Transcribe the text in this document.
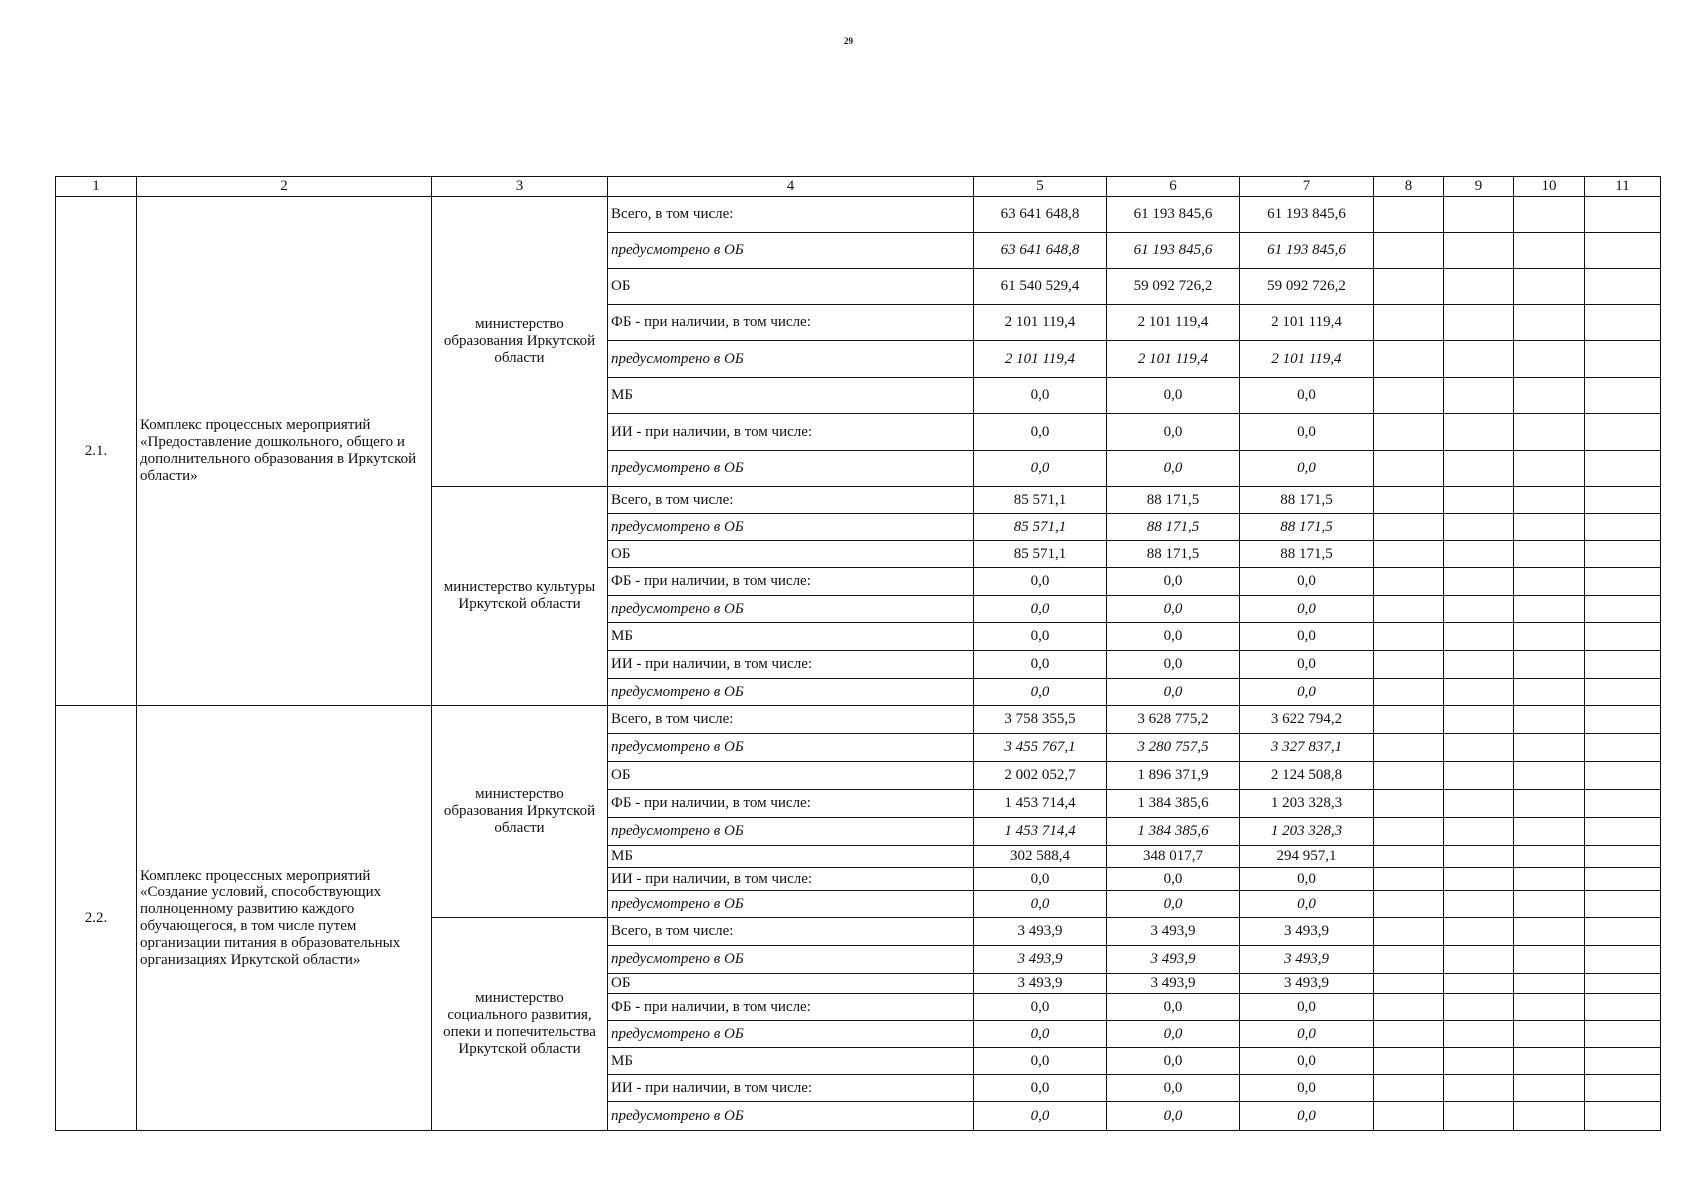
29
1	2	3	4	5	6	7	8	9	10	11
2.1.	Комплекс процессных мероприятий «Предоставление дошкольного, общего и дополнительного образования в Иркутской области»	министерство образования Иркутской области	Всего, в том числе:	63 641 648,8	61 193 845,6	61 193 845,6				
			предусмотрено в ОБ	63 641 648,8	61 193 845,6	61 193 845,6				
			ОБ	61 540 529,4	59 092 726,2	59 092 726,2				
			ФБ - при наличии, в том числе:	2 101 119,4	2 101 119,4	2 101 119,4				
			предусмотрено в ОБ	2 101 119,4	2 101 119,4	2 101 119,4				
			МБ	0,0	0,0	0,0				
			ИИ - при наличии, в том числе:	0,0	0,0	0,0				
			предусмотрено в ОБ	0,0	0,0	0,0				
		министерство культуры Иркутской области	Всего, в том числе:	85 571,1	88 171,5	88 171,5				
			предусмотрено в ОБ	85 571,1	88 171,5	88 171,5				
			ОБ	85 571,1	88 171,5	88 171,5				
			ФБ - при наличии, в том числе:	0,0	0,0	0,0				
			предусмотрено в ОБ	0,0	0,0	0,0				
			МБ	0,0	0,0	0,0				
			ИИ - при наличии, в том числе:	0,0	0,0	0,0				
			предусмотрено в ОБ	0,0	0,0	0,0				
2.2.	Комплекс процессных мероприятий «Создание условий, способствующих полноценному развитию каждого обучающегося, в том числе путем организации питания в образовательных организациях Иркутской области»	министерство образования Иркутской области	Всего, в том числе:	3 758 355,5	3 628 775,2	3 622 794,2				
			предусмотрено в ОБ	3 455 767,1	3 280 757,5	3 327 837,1				
			ОБ	2 002 052,7	1 896 371,9	2 124 508,8				
			ФБ - при наличии, в том числе:	1 453 714,4	1 384 385,6	1 203 328,3				
			предусмотрено в ОБ	1 453 714,4	1 384 385,6	1 203 328,3				
			МБ	302 588,4	348 017,7	294 957,1				
			ИИ - при наличии, в том числе:	0,0	0,0	0,0				
			предусмотрено в ОБ	0,0	0,0	0,0				
		министерство социального развития, опеки и попечительства Иркутской области	Всего, в том числе:	3 493,9	3 493,9	3 493,9				
			предусмотрено в ОБ	3 493,9	3 493,9	3 493,9				
			ОБ	3 493,9	3 493,9	3 493,9				
			ФБ - при наличии, в том числе:	0,0	0,0	0,0				
			предусмотрено в ОБ	0,0	0,0	0,0				
			МБ	0,0	0,0	0,0				
			ИИ - при наличии, в том числе:	0,0	0,0	0,0				
			предусмотрено в ОБ	0,0	0,0	0,0				
